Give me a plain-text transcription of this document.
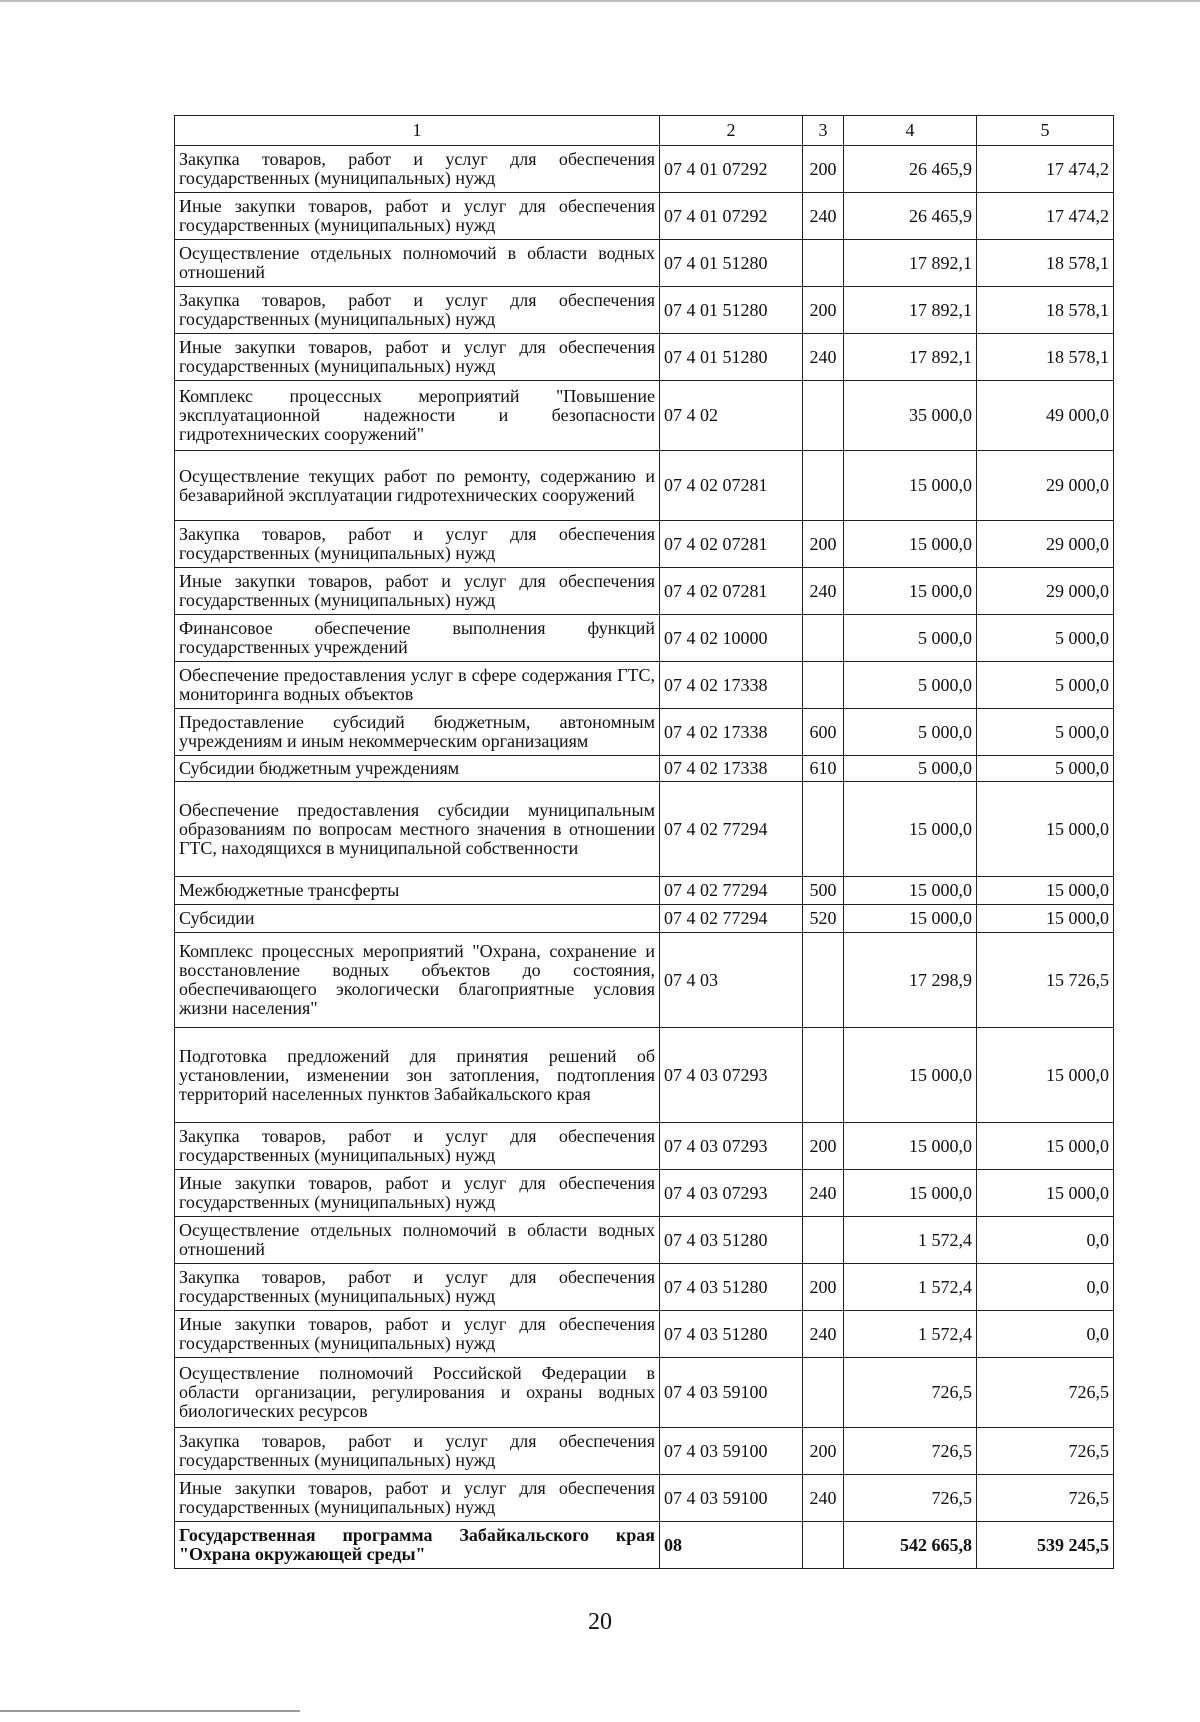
1	2	3	4	5
Закупка товаров, работ и услуг для обеспечения государственных (муниципальных) нужд	07 4 01 07292	200	26 465,9	17 474,2
Иные закупки товаров, работ и услуг для обеспечения государственных (муниципальных) нужд	07 4 01 07292	240	26 465,9	17 474,2
Осуществление отдельных полномочий в области водных отношений	07 4 01 51280		17 892,1	18 578,1
Закупка товаров, работ и услуг для обеспечения государственных (муниципальных) нужд	07 4 01 51280	200	17 892,1	18 578,1
Иные закупки товаров, работ и услуг для обеспечения государственных (муниципальных) нужд	07 4 01 51280	240	17 892,1	18 578,1
Комплекс процессных мероприятий "Повышение эксплуатационной надежности и безопасности гидротехнических сооружений"	07 4 02		35 000,0	49 000,0
Осуществление текущих работ по ремонту, содержанию и безаварийной эксплуатации гидротехнических сооружений	07 4 02 07281		15 000,0	29 000,0
Закупка товаров, работ и услуг для обеспечения государственных (муниципальных) нужд	07 4 02 07281	200	15 000,0	29 000,0
Иные закупки товаров, работ и услуг для обеспечения государственных (муниципальных) нужд	07 4 02 07281	240	15 000,0	29 000,0
Финансовое обеспечение выполнения функций государственных учреждений	07 4 02 10000		5 000,0	5 000,0
Обеспечение предоставления услуг в сфере содержания ГТС, мониторинга водных объектов	07 4 02 17338		5 000,0	5 000,0
Предоставление субсидий бюджетным, автономным учреждениям и иным некоммерческим организациям	07 4 02 17338	600	5 000,0	5 000,0
Субсидии бюджетным учреждениям	07 4 02 17338	610	5 000,0	5 000,0
Обеспечение предоставления субсидии муниципальным образованиям по вопросам местного значения в отношении ГТС, находящихся в муниципальной собственности	07 4 02 77294		15 000,0	15 000,0
Межбюджетные трансферты	07 4 02 77294	500	15 000,0	15 000,0
Субсидии	07 4 02 77294	520	15 000,0	15 000,0
Комплекс процессных мероприятий "Охрана, сохранение и восстановление водных объектов до состояния, обеспечивающего экологически благоприятные условия жизни населения"	07 4 03		17 298,9	15 726,5
Подготовка предложений для принятия решений об установлении, изменении зон затопления, подтопления территорий населенных пунктов Забайкальского края	07 4 03 07293		15 000,0	15 000,0
Закупка товаров, работ и услуг для обеспечения государственных (муниципальных) нужд	07 4 03 07293	200	15 000,0	15 000,0
Иные закупки товаров, работ и услуг для обеспечения государственных (муниципальных) нужд	07 4 03 07293	240	15 000,0	15 000,0
Осуществление отдельных полномочий в области водных отношений	07 4 03 51280		1 572,4	0,0
Закупка товаров, работ и услуг для обеспечения государственных (муниципальных) нужд	07 4 03 51280	200	1 572,4	0,0
Иные закупки товаров, работ и услуг для обеспечения государственных (муниципальных) нужд	07 4 03 51280	240	1 572,4	0,0
Осуществление полномочий Российской Федерации в области организации, регулирования и охраны водных биологических ресурсов	07 4 03 59100		726,5	726,5
Закупка товаров, работ и услуг для обеспечения государственных (муниципальных) нужд	07 4 03 59100	200	726,5	726,5
Иные закупки товаров, работ и услуг для обеспечения государственных (муниципальных) нужд	07 4 03 59100	240	726,5	726,5
Государственная программа Забайкальского края "Охрана окружающей среды"	08		542 665,8	539 245,5
20
